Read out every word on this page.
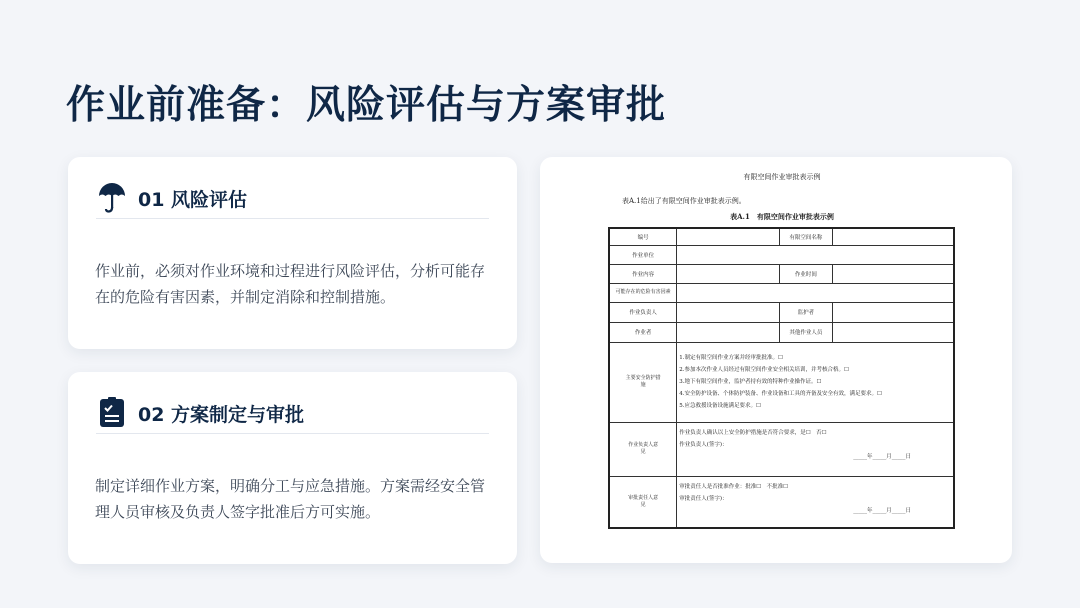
作业前准备：风险评估与方案审批
01 风险评估
作业前，必须对作业环境和过程进行风险评估，分析可能存在的危险有害因素，并制定消除和控制措施。
02 方案制定与审批
制定详细作业方案，明确分工与应急措施。方案需经安全管理人员审核及负责人签字批准后方可实施。
有限空间作业审批表示例
表A.1给出了有限空间作业审批表示例。
表A.1　有限空间作业审批表示例
编号		有限空间名称	
作业单位			
作业内容		作业时间	
可能存在的危险有害因素			
作业负责人		监护者	
作业者		其他作业人员	
主要安全防护措施	1.制定有限空间作业方案并经审批批准。☐
2.参加本次作业人员经过有限空间作业安全相关培训，并考核合格。☐
3.地下有限空间作业，监护者持有效的特种作业操作证。☐
4.安全防护设备、个体防护装备、作业设备和工具的齐备及安全有效，满足要求。☐
5.应急救援设备设施满足要求。☐		

作业负责人意见	作业负责人确认以上安全防护措施是否符合要求，是☐　否☐
作业负责人(签字)：
_____年_____月_____日		

审批责任人意见	审批责任人是否批准作业：批准☐　不批准☐
审批责任人(签字)：
_____年_____月_____日		
